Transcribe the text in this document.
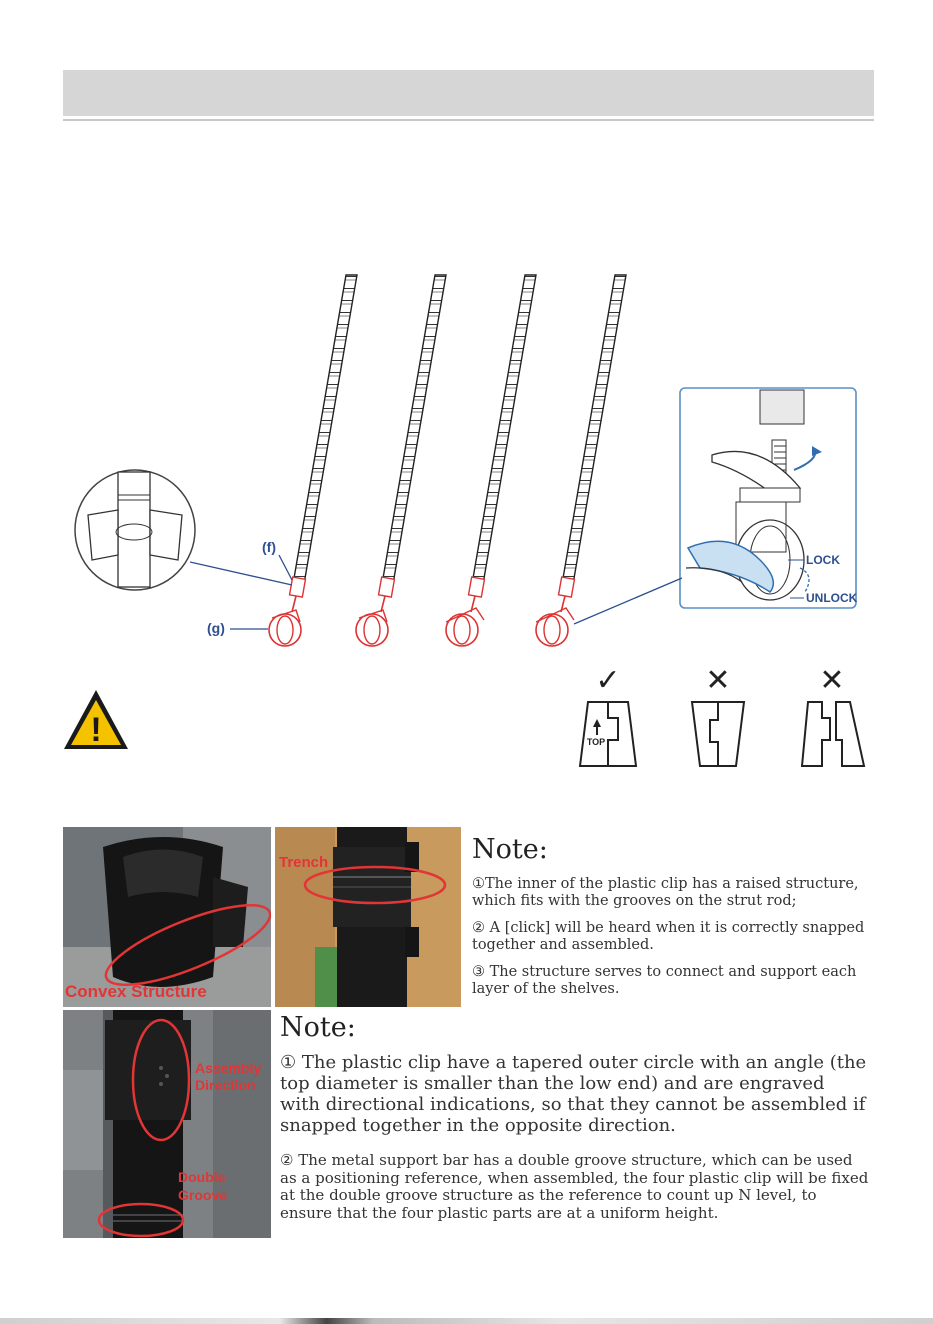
(f)
(g)
LOCK
UNLOCK
!
✓
TOP
✕	✕
Convex Structure
Trench	Note:
①The inner of the plastic clip has a raised structure, which fits with the grooves on the strut rod;
② A [click] will be heard when it is correctly snapped together and assembled.
③ The structure serves to connect and support each layer of the shelves.
Assembly
Direction
Double
Groove
Note:
① The plastic clip have a tapered outer circle with an angle (the top diameter is smaller than the low end) and are engraved with directional indications, so that they cannot be assembled if snapped together in the opposite direction.
② The metal support bar has a double groove structure, which can be used as a positioning reference, when assembled, the four plastic clip will be fixed at the double groove structure as the reference to count up N level, to ensure that the four plastic parts are at a uniform height.
